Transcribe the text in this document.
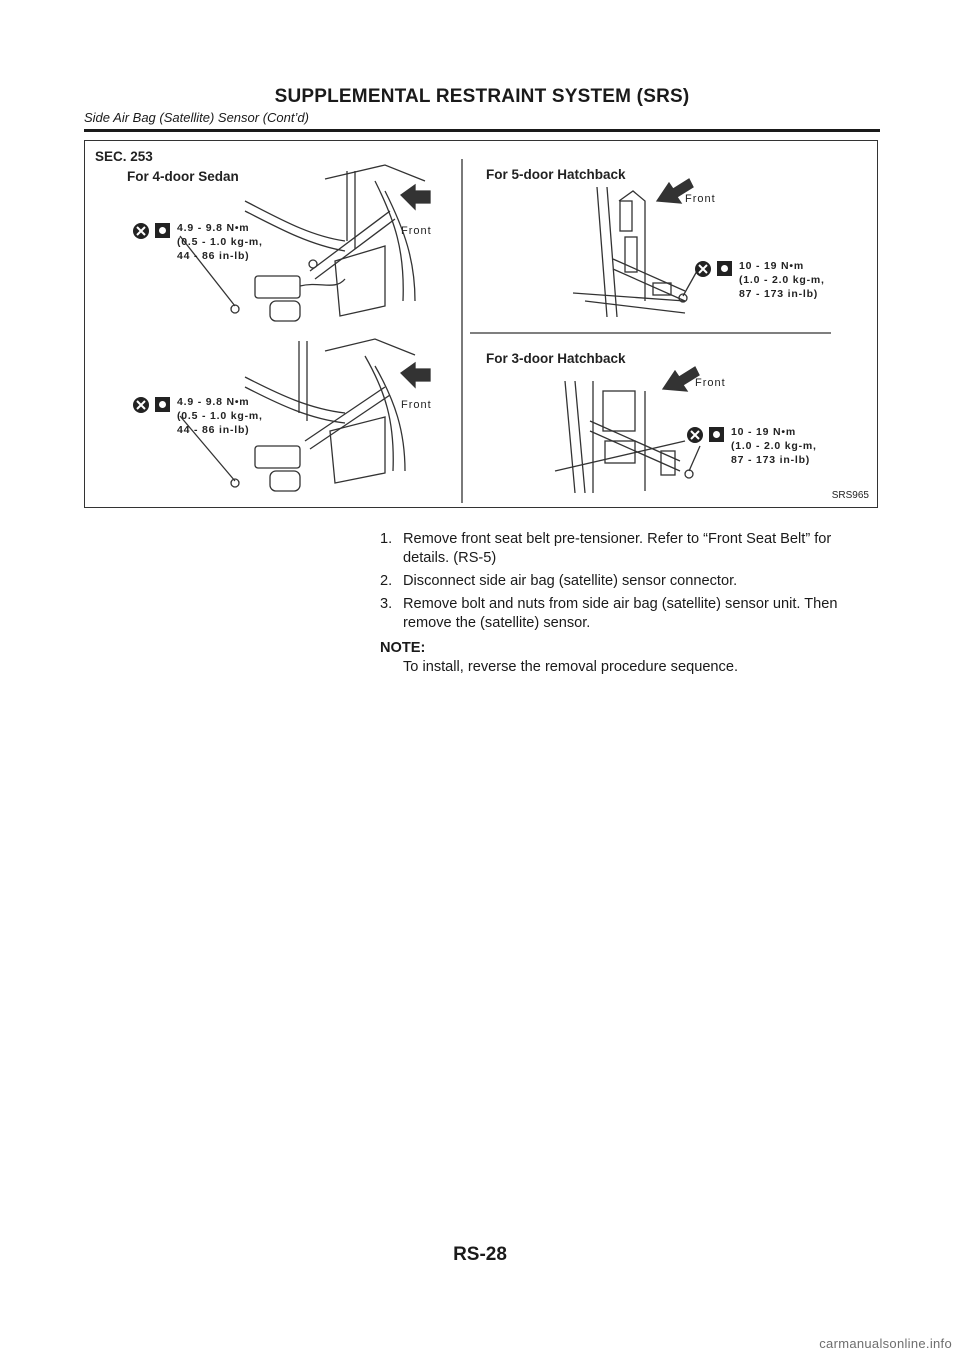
SUPPLEMENTAL RESTRAINT SYSTEM (SRS)
Side Air Bag (Satellite) Sensor (Cont’d)
SEC. 253
For 4-door Sedan	For 5-door Hatchback
For 3-door Hatchback
4.9 - 9.8 N•m
(0.5 - 1.0 kg-m,
44 - 86 in-lb)
4.9 - 9.8 N•m
(0.5 - 1.0 kg-m,
44 - 86 in-lb)
10 - 19 N•m
(1.0 - 2.0 kg-m,
87 - 173 in-lb)
10 - 19 N•m
(1.0 - 2.0 kg-m,
87 - 173 in-lb)
Front
Front
Front
Front
SRS965
1. Remove front seat belt pre-tensioner. Refer to “Front Seat Belt” for details. (RS-5)
2. Disconnect side air bag (satellite) sensor connector.
3. Remove bolt and nuts from side air bag (satellite) sensor unit. Then remove the (satellite) sensor.
NOTE:
To install, reverse the removal procedure sequence.
RS-28
carmanualsonline.info
